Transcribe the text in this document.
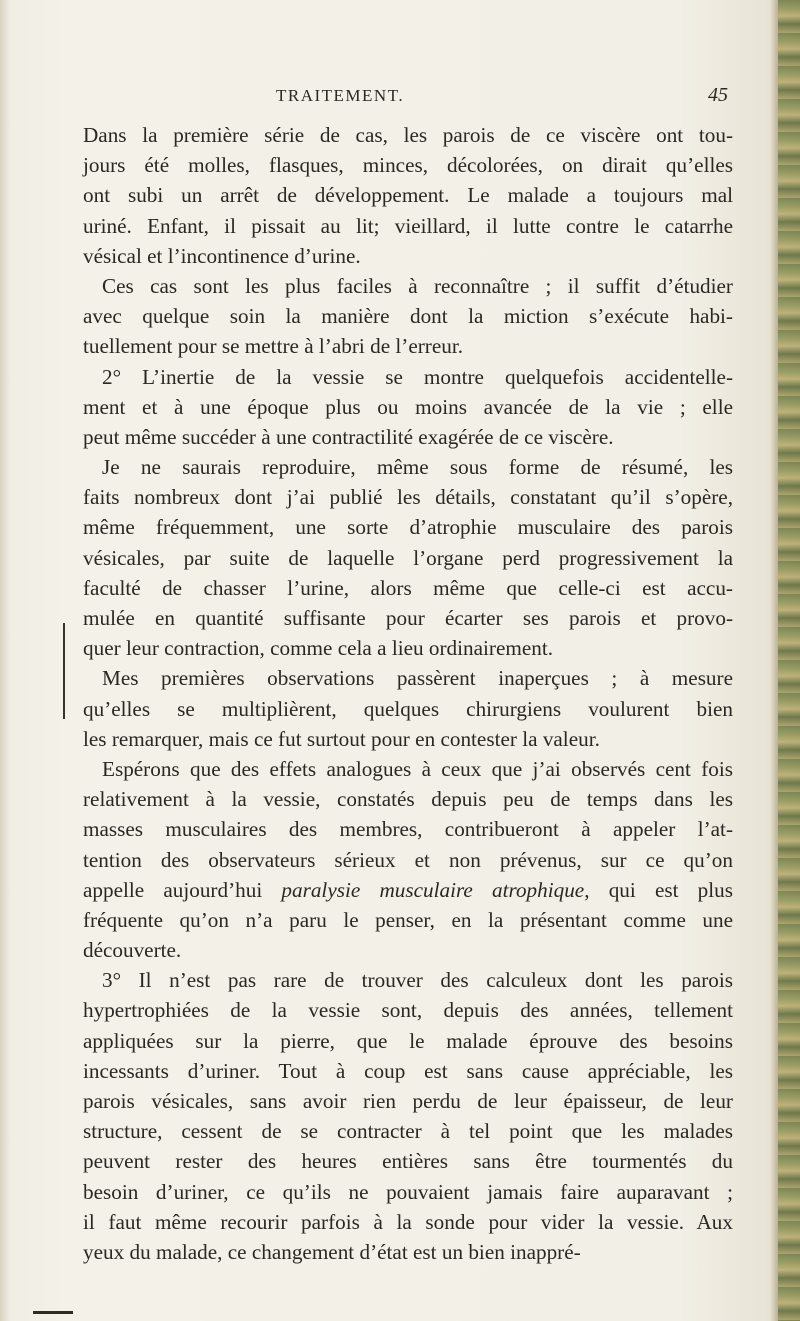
TRAITEMENT.	45
Dans la première série de cas, les parois de ce viscère ont tou-
jours été molles, flasques, minces, décolorées, on dirait qu’elles
ont subi un arrêt de développement. Le malade a toujours mal
uriné. Enfant, il pissait au lit; vieillard, il lutte contre le catarrhe
vésical et l’incontinence d’urine.
Ces cas sont les plus faciles à reconnaître ; il suffit d’étudier
avec quelque soin la manière dont la miction s’exécute habi-
tuellement pour se mettre à l’abri de l’erreur.
2° L’inertie de la vessie se montre quelquefois accidentelle-
ment et à une époque plus ou moins avancée de la vie ; elle
peut même succéder à une contractilité exagérée de ce viscère.
Je ne saurais reproduire, même sous forme de résumé, les
faits nombreux dont j’ai publié les détails, constatant qu’il s’opère,
même fréquemment, une sorte d’atrophie musculaire des parois
vésicales, par suite de laquelle l’organe perd progressivement la
faculté de chasser l’urine, alors même que celle-ci est accu-
mulée en quantité suffisante pour écarter ses parois et provo-
quer leur contraction, comme cela a lieu ordinairement.
Mes premières observations passèrent inaperçues ; à mesure
qu’elles se multiplièrent, quelques chirurgiens voulurent bien
les remarquer, mais ce fut surtout pour en contester la valeur.
Espérons que des effets analogues à ceux que j’ai observés cent fois
relativement à la vessie, constatés depuis peu de temps dans les
masses musculaires des membres, contribueront à appeler l’at-
tention des observateurs sérieux et non prévenus, sur ce qu’on
appelle aujourd’hui paralysie musculaire atrophique, qui est plus
fréquente qu’on n’a paru le penser, en la présentant comme une
découverte.
3° Il n’est pas rare de trouver des calculeux dont les parois
hypertrophiées de la vessie sont, depuis des années, tellement
appliquées sur la pierre, que le malade éprouve des besoins
incessants d’uriner. Tout à coup est sans cause appréciable, les
parois vésicales, sans avoir rien perdu de leur épaisseur, de leur
structure, cessent de se contracter à tel point que les malades
peuvent rester des heures entières sans être tourmentés du
besoin d’uriner, ce qu’ils ne pouvaient jamais faire auparavant ;
il faut même recourir parfois à la sonde pour vider la vessie. Aux
yeux du malade, ce changement d’état est un bien inappré-
